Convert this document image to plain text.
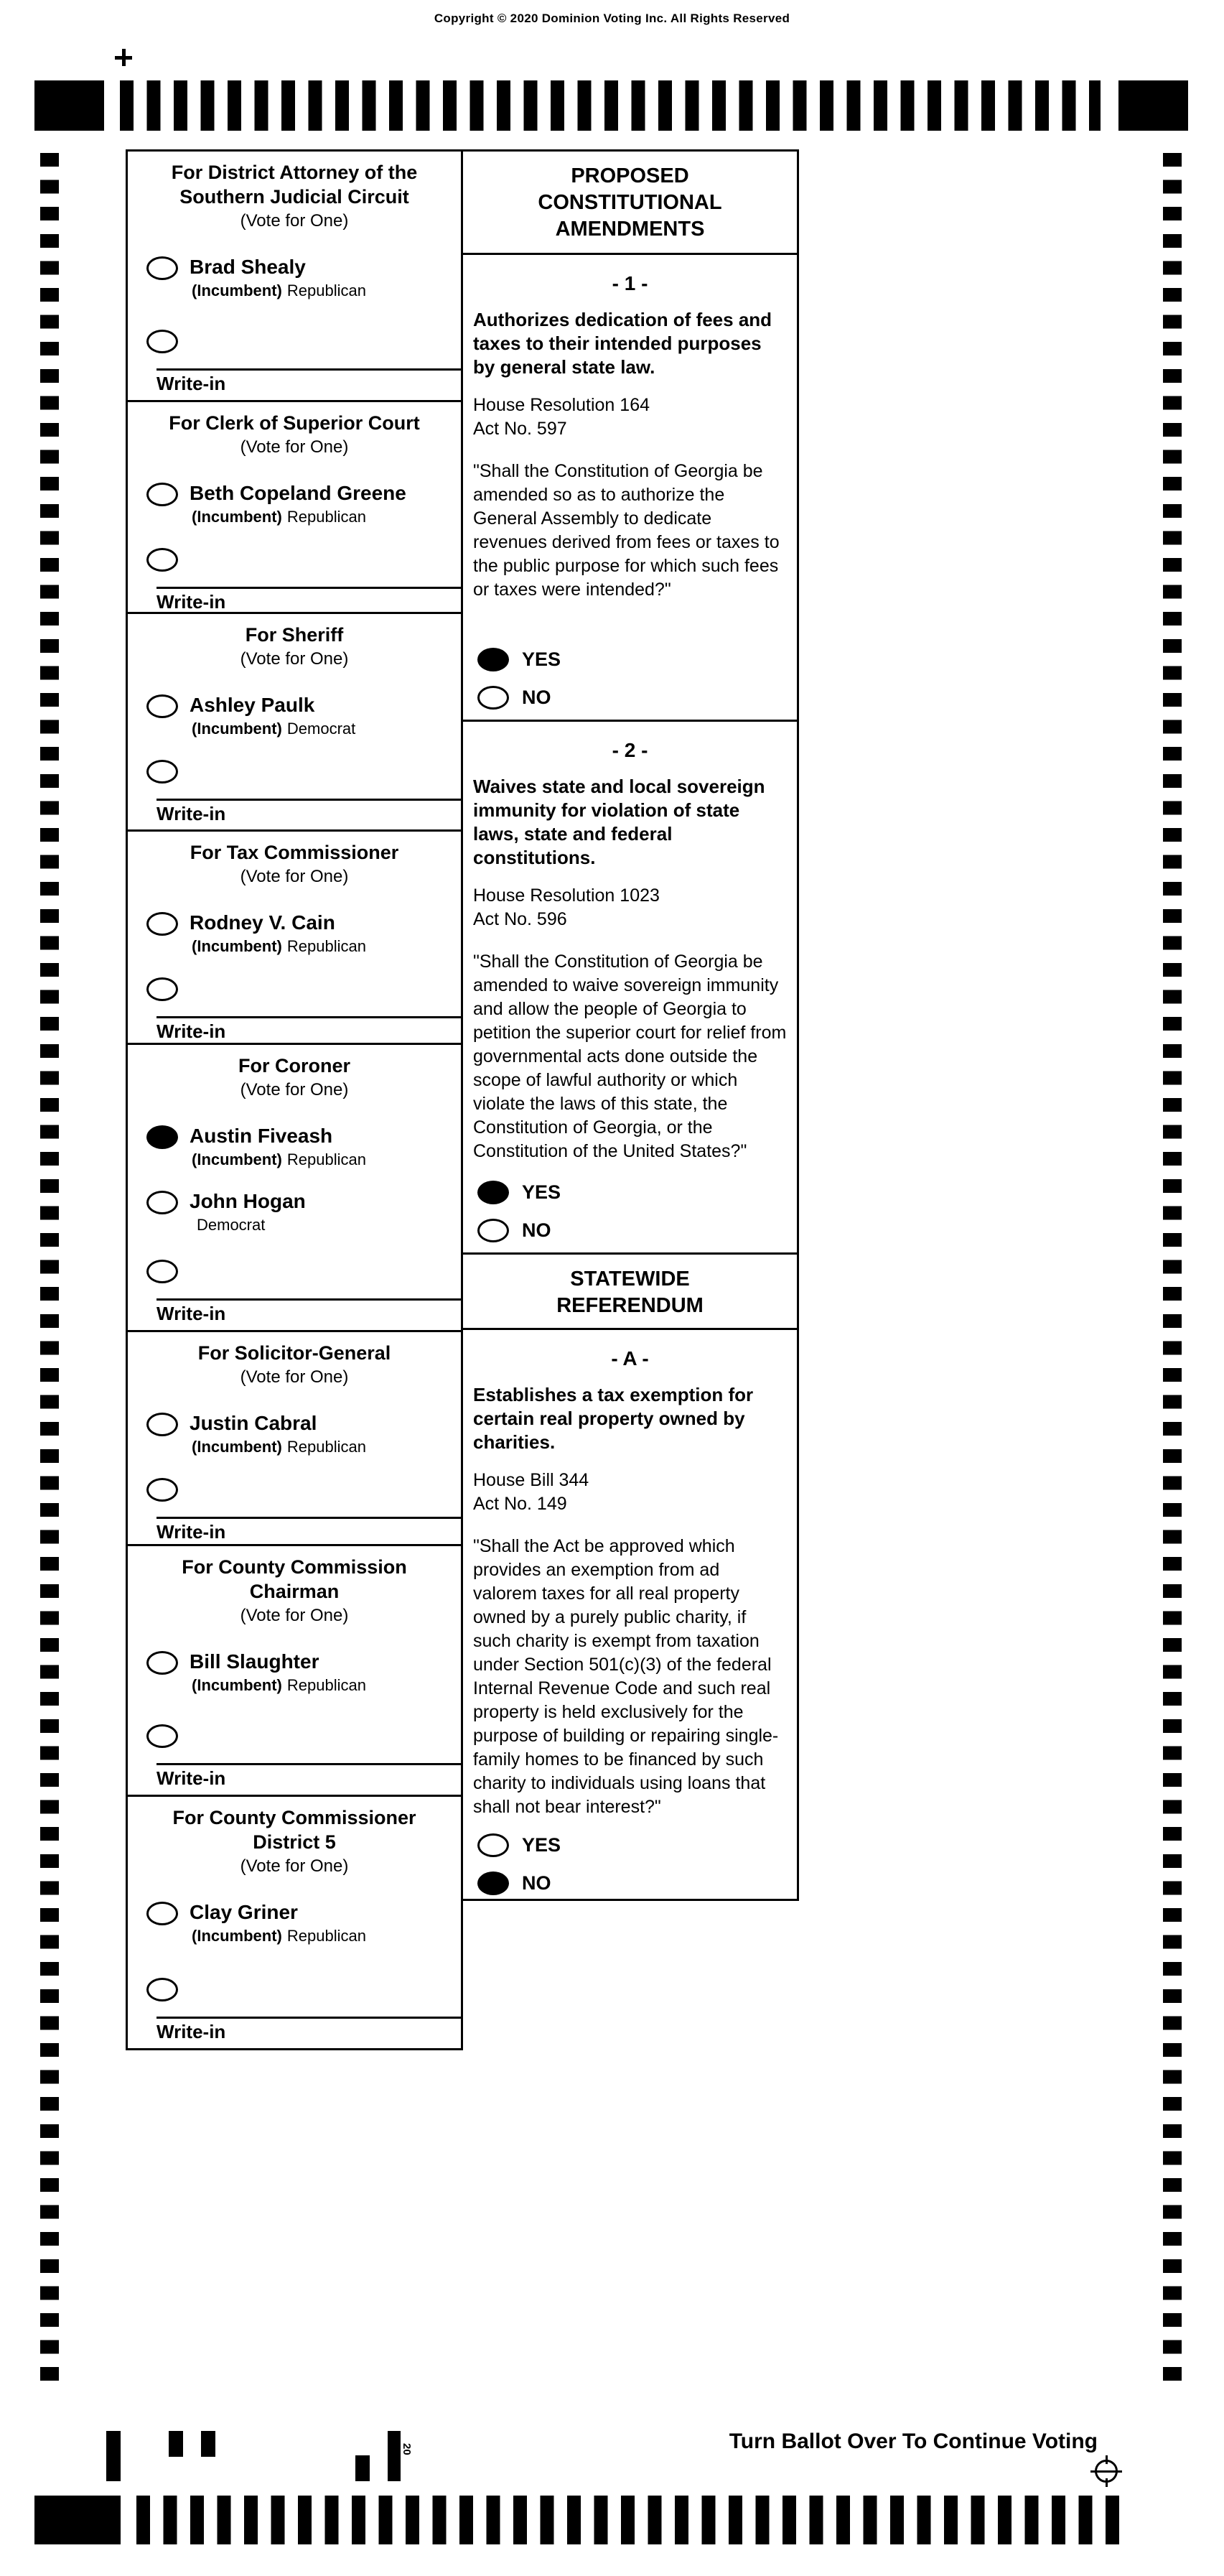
Copyright © 2020 Dominion Voting Inc. All Rights Reserved
For District Attorney of the
Southern Judicial Circuit
(Vote for One)
Brad Shealy
(Incumbent) Republican
Write-in
For Clerk of Superior Court
(Vote for One)
Beth Copeland Greene
(Incumbent) Republican
Write-in
For Sheriff
(Vote for One)
Ashley Paulk
(Incumbent) Democrat
Write-in
For Tax Commissioner
(Vote for One)
Rodney V. Cain
(Incumbent) Republican
Write-in
For Coroner
(Vote for One)
Austin Fiveash
(Incumbent) Republican
John Hogan
Democrat
Write-in
For Solicitor-General
(Vote for One)
Justin Cabral
(Incumbent) Republican
Write-in
For County Commission
Chairman
(Vote for One)
Bill Slaughter
(Incumbent) Republican
Write-in
For County Commissioner
District 5
(Vote for One)
Clay Griner
(Incumbent) Republican
Write-in
PROPOSED
CONSTITUTIONAL
AMENDMENTS
- 1 -
Authorizes dedication of fees and taxes to their intended purposes by general state law.
House Resolution 164
Act No. 597
"Shall the Constitution of Georgia be amended so as to authorize the General Assembly to dedicate revenues derived from fees or taxes to the public purpose for which such fees or taxes were intended?"
YES
NO
- 2 -
Waives state and local sovereign immunity for violation of state laws, state and federal constitutions.
House Resolution 1023
Act No. 596
"Shall the Constitution of Georgia be amended to waive sovereign immunity and allow the people of Georgia to petition the superior court for relief from governmental acts done outside the scope of lawful authority or which violate the laws of this state, the Constitution of Georgia, or the Constitution of the United States?"
YES
NO
STATEWIDE
REFERENDUM
- A -
Establishes a tax exemption for certain real property owned by charities.
House Bill 344
Act No. 149
"Shall the Act be approved which provides an exemption from ad valorem taxes for all real property owned by a purely public charity, if such charity is exempt from taxation under Section 501(c)(3) of the federal Internal Revenue Code and such real property is held exclusively for the purpose of building or repairing single-family homes to be financed by such charity to individuals using loans that shall not bear interest?"
YES
NO
20	Turn Ballot Over To Continue Voting
